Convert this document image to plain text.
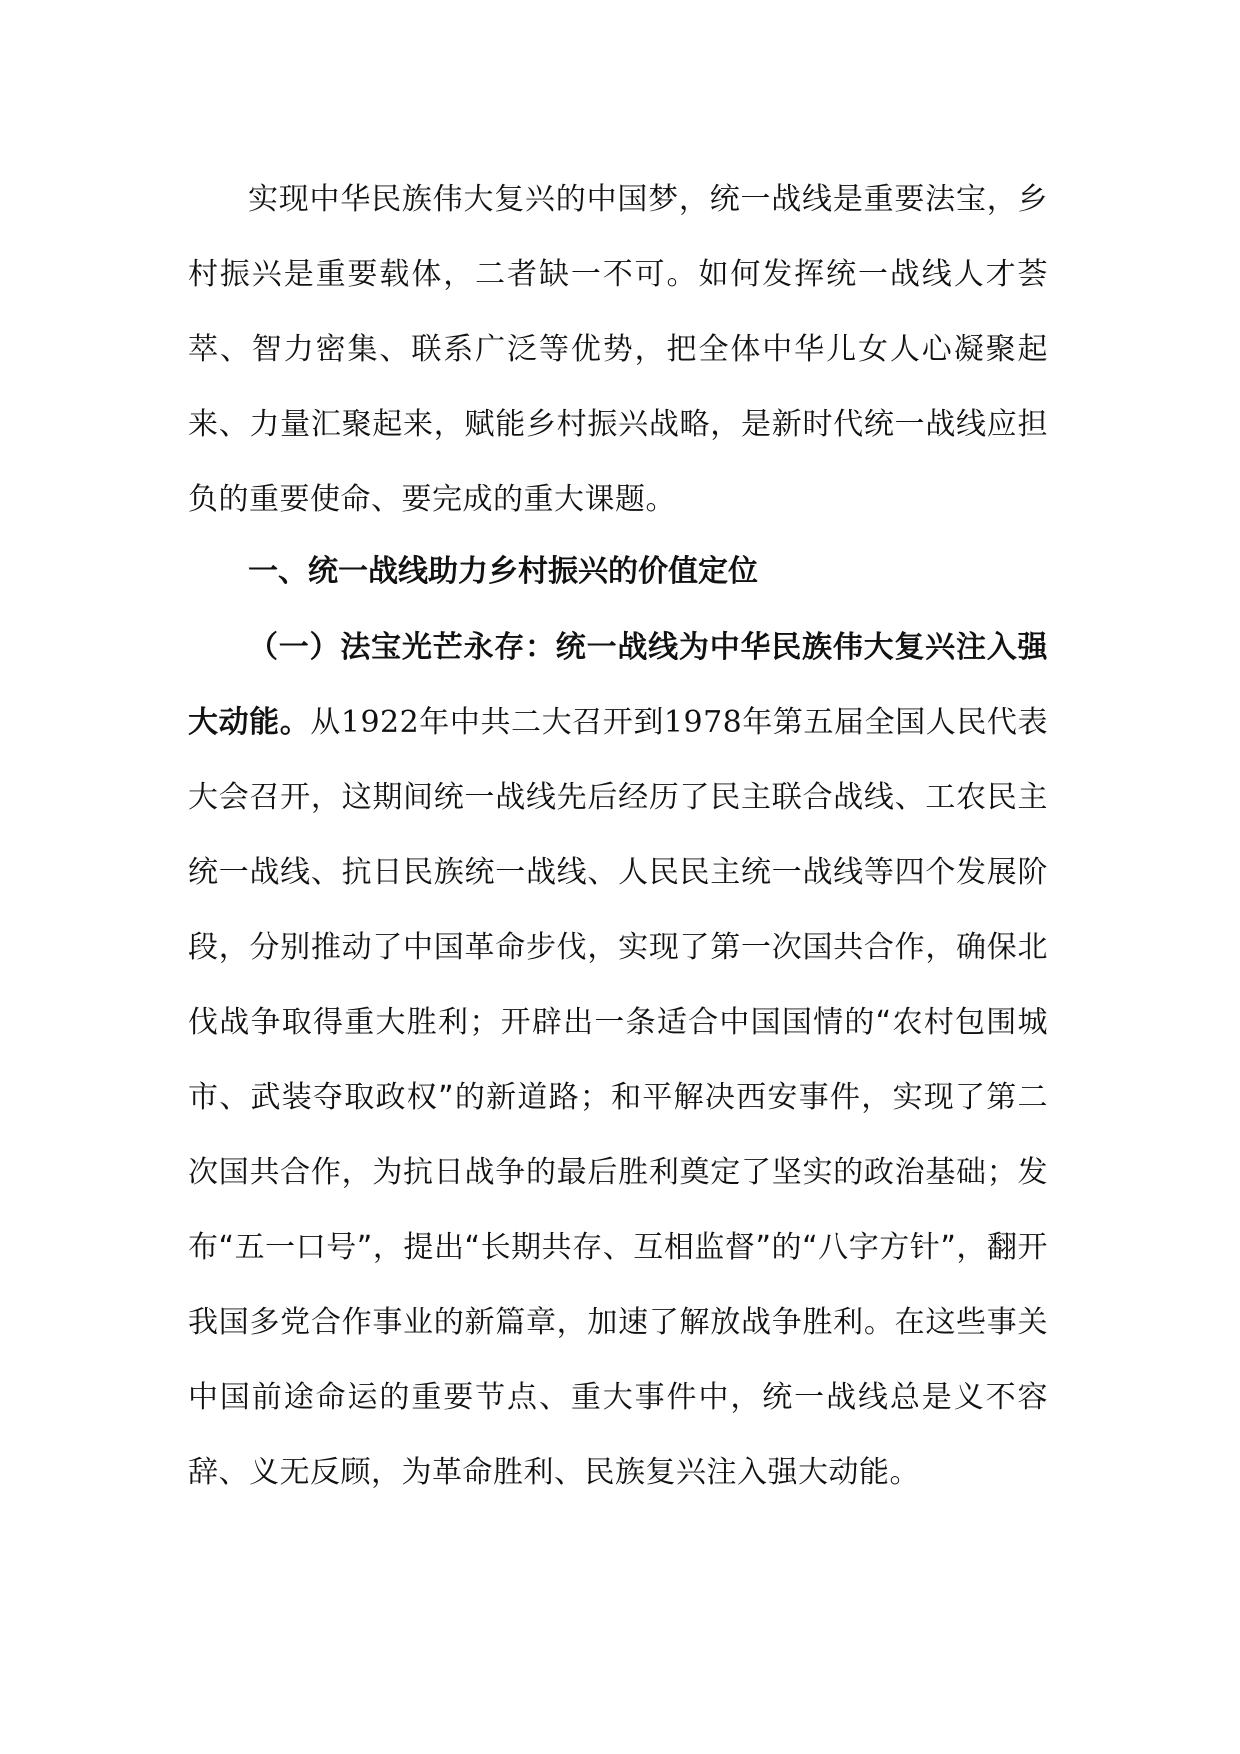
实现中华民族伟大复兴的中国梦，统一战线是重要法宝，乡村振兴是重要载体，二者缺一不可。如何发挥统一战线人才荟萃、智力密集、联系广泛等优势，把全体中华儿女人心凝聚起来、力量汇聚起来，赋能乡村振兴战略，是新时代统一战线应担负的重要使命、要完成的重大课题。

一、统一战线助力乡村振兴的价值定位

（一）法宝光芒永存：统一战线为中华民族伟大复兴注入强大动能。从1922年中共二大召开到1978年第五届全国人民代表大会召开，这期间统一战线先后经历了民主联合战线、工农民主统一战线、抗日民族统一战线、人民民主统一战线等四个发展阶段，分别推动了中国革命步伐，实现了第一次国共合作，确保北伐战争取得重大胜利；开辟出一条适合中国国情的“农村包围城市、武装夺取政权”的新道路；和平解决西安事件，实现了第二次国共合作，为抗日战争的最后胜利奠定了坚实的政治基础；发布“五一口号”，提出“长期共存、互相监督”的“八字方针”，翻开我国多党合作事业的新篇章，加速了解放战争胜利。在这些事关中国前途命运的重要节点、重大事件中，统一战线总是义不容辞、义无反顾，为革命胜利、民族复兴注入强大动能。
